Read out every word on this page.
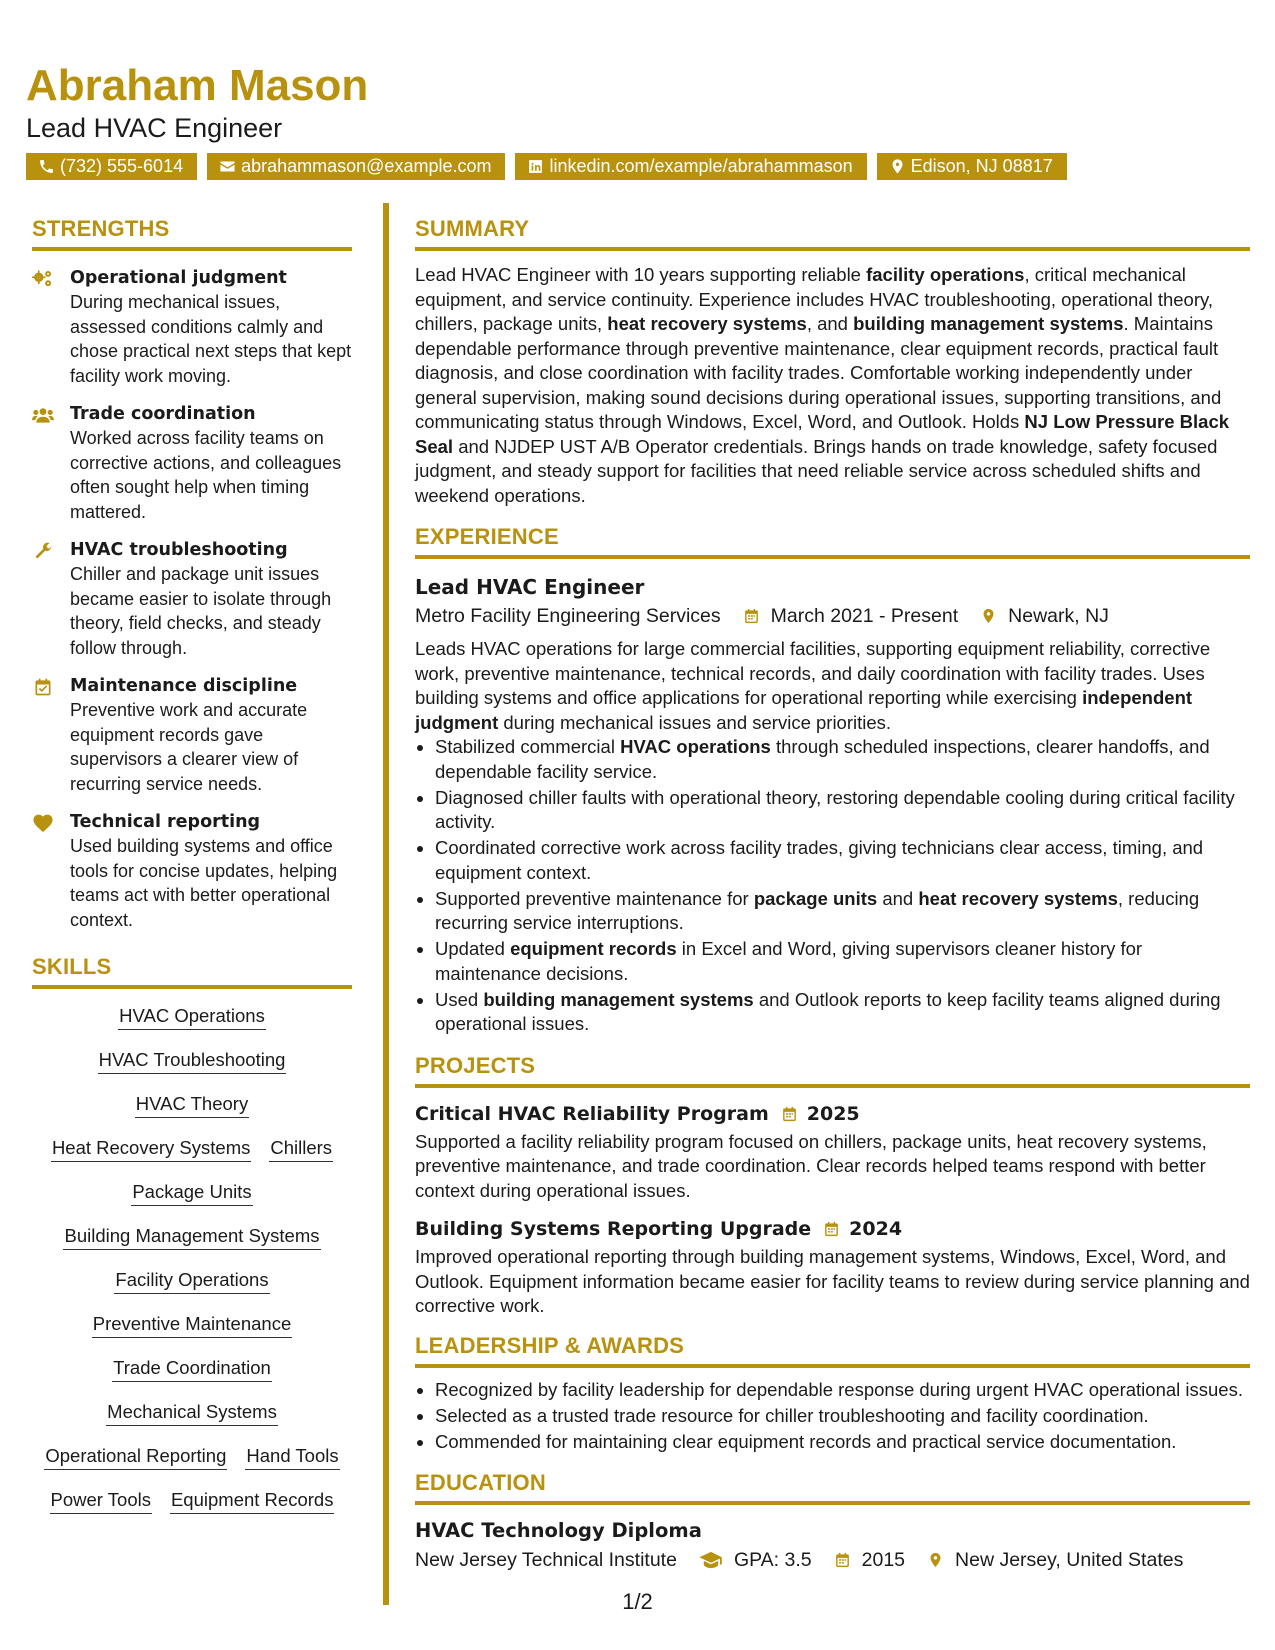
Abraham Mason

Lead HVAC Engineer

(732) 555-6014	abrahammason@example.com	linkedin.com/example/abrahammason	Edison, NJ 08817
STRENGTHS
Operational judgment
During mechanical issues, assessed conditions calmly and chose practical next steps that kept facility work moving.
Trade coordination
Worked across facility teams on corrective actions, and colleagues often sought help when timing mattered.
HVAC troubleshooting
Chiller and package unit issues became easier to isolate through theory, field checks, and steady follow through.
Maintenance discipline
Preventive work and accurate equipment records gave supervisors a clearer view of recurring service needs.
Technical reporting
Used building systems and office tools for concise updates, helping teams act with better operational context.
SKILLS
HVAC Operations
HVAC Troubleshooting
HVAC Theory
Heat Recovery Systems Chillers
Package Units
Building Management Systems
Facility Operations
Preventive Maintenance
Trade Coordination
Mechanical Systems
Operational Reporting Hand Tools
Power Tools Equipment Records
SUMMARY

Lead HVAC Engineer with 10 years supporting reliable facility operations, critical mechanical equipment, and service continuity. Experience includes HVAC troubleshooting, operational theory, chillers, package units, heat recovery systems, and building management systems. Maintains dependable performance through preventive maintenance, clear equipment records, practical fault diagnosis, and close coordination with facility trades. Comfortable working independently under general supervision, making sound decisions during operational issues, supporting transitions, and communicating status through Windows, Excel, Word, and Outlook. Holds NJ Low Pressure Black Seal and NJDEP UST A/B Operator credentials. Brings hands on trade knowledge, safety focused judgment, and steady support for facilities that need reliable service across scheduled shifts and weekend operations.

EXPERIENCE
Lead HVAC Engineer
Metro Facility Engineering Services	March 2021 - Present	Newark, NJ

Leads HVAC operations for large commercial facilities, supporting equipment reliability, corrective work, preventive maintenance, technical records, and daily coordination with facility trades. Uses building systems and office applications for operational reporting while exercising independent judgment during mechanical issues and service priorities.

• Stabilized commercial HVAC operations through scheduled inspections, clearer handoffs, and dependable facility service.
• Diagnosed chiller faults with operational theory, restoring dependable cooling during critical facility activity.
• Coordinated corrective work across facility trades, giving technicians clear access, timing, and equipment context.
• Supported preventive maintenance for package units and heat recovery systems, reducing recurring service interruptions.
• Updated equipment records in Excel and Word, giving supervisors cleaner history for maintenance decisions.
• Used building management systems and Outlook reports to keep facility teams aligned during operational issues.
PROJECTS
Critical HVAC Reliability Program 2025

Supported a facility reliability program focused on chillers, package units, heat recovery systems, preventive maintenance, and trade coordination. Clear records helped teams respond with better context during operational issues.

Building Systems Reporting Upgrade 2024

Improved operational reporting through building management systems, Windows, Excel, Word, and Outlook. Equipment information became easier for facility teams to review during service planning and corrective work.

LEADERSHIP & AWARDS
• Recognized by facility leadership for dependable response during urgent HVAC operational issues.
• Selected as a trusted trade resource for chiller troubleshooting and facility coordination.
• Commended for maintaining clear equipment records and practical service documentation.
EDUCATION
HVAC Technology Diploma
New Jersey Technical Institute	GPA: 3.5	2015	New Jersey, United States
1/2
